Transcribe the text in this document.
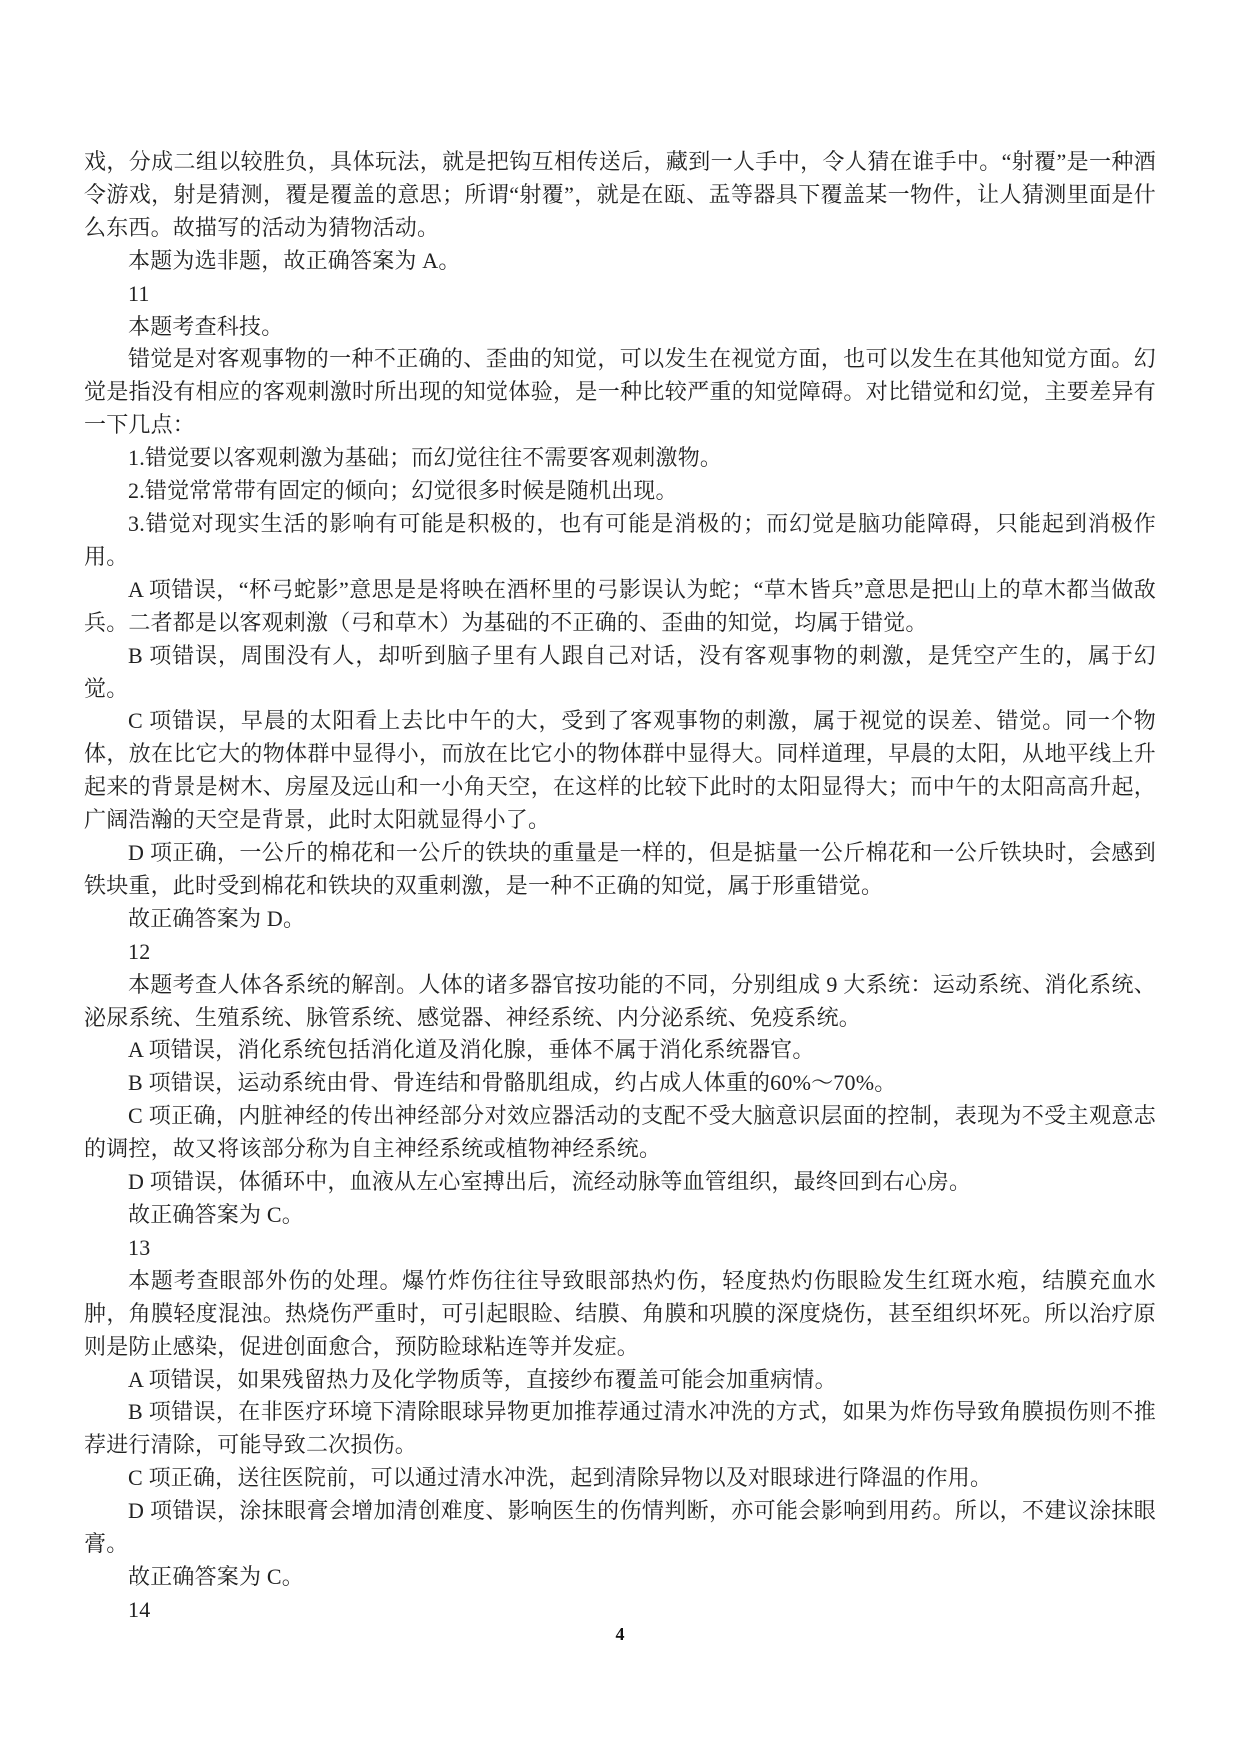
戏，分成二组以较胜负，具体玩法，就是把钩互相传送后，藏到一人手中，令人猜在谁手中。“射覆”是一种酒令游戏，射是猜测，覆是覆盖的意思；所谓“射覆”，就是在瓯、盂等器具下覆盖某一物件，让人猜测里面是什么东西。故描写的活动为猜物活动。

本题为选非题，故正确答案为 A。

11

本题考查科技。

错觉是对客观事物的一种不正确的、歪曲的知觉，可以发生在视觉方面，也可以发生在其他知觉方面。幻觉是指没有相应的客观刺激时所出现的知觉体验，是一种比较严重的知觉障碍。对比错觉和幻觉，主要差异有一下几点：

1.错觉要以客观刺激为基础；而幻觉往往不需要客观刺激物。

2.错觉常常带有固定的倾向；幻觉很多时候是随机出现。

3.错觉对现实生活的影响有可能是积极的，也有可能是消极的；而幻觉是脑功能障碍，只能起到消极作用。

A 项错误，“杯弓蛇影”意思是是将映在酒杯里的弓影误认为蛇；“草木皆兵”意思是把山上的草木都当做敌兵。二者都是以客观刺激（弓和草木）为基础的不正确的、歪曲的知觉，均属于错觉。

B 项错误，周围没有人，却听到脑子里有人跟自己对话，没有客观事物的刺激，是凭空产生的，属于幻觉。

C 项错误，早晨的太阳看上去比中午的大，受到了客观事物的刺激，属于视觉的误差、错觉。同一个物体，放在比它大的物体群中显得小，而放在比它小的物体群中显得大。同样道理，早晨的太阳，从地平线上升起来的背景是树木、房屋及远山和一小角天空，在这样的比较下此时的太阳显得大；而中午的太阳高高升起，广阔浩瀚的天空是背景，此时太阳就显得小了。

D 项正确，一公斤的棉花和一公斤的铁块的重量是一样的，但是掂量一公斤棉花和一公斤铁块时，会感到铁块重，此时受到棉花和铁块的双重刺激，是一种不正确的知觉，属于形重错觉。

故正确答案为 D。

12

本题考查人体各系统的解剖。人体的诸多器官按功能的不同，分别组成 9 大系统：运动系统、消化系统、泌尿系统、生殖系统、脉管系统、感觉器、神经系统、内分泌系统、免疫系统。

A 项错误，消化系统包括消化道及消化腺，垂体不属于消化系统器官。

B 项错误，运动系统由骨、骨连结和骨骼肌组成，约占成人体重的60%～70%。

C 项正确，内脏神经的传出神经部分对效应器活动的支配不受大脑意识层面的控制，表现为不受主观意志的调控，故又将该部分称为自主神经系统或植物神经系统。

D 项错误，体循环中，血液从左心室搏出后，流经动脉等血管组织，最终回到右心房。

故正确答案为 C。

13

本题考查眼部外伤的处理。爆竹炸伤往往导致眼部热灼伤，轻度热灼伤眼睑发生红斑水疱，结膜充血水肿，角膜轻度混浊。热烧伤严重时，可引起眼睑、结膜、角膜和巩膜的深度烧伤，甚至组织坏死。所以治疗原则是防止感染，促进创面愈合，预防睑球粘连等并发症。

A 项错误，如果残留热力及化学物质等，直接纱布覆盖可能会加重病情。

B 项错误，在非医疗环境下清除眼球异物更加推荐通过清水冲洗的方式，如果为炸伤导致角膜损伤则不推荐进行清除，可能导致二次损伤。

C 项正确，送往医院前，可以通过清水冲洗，起到清除异物以及对眼球进行降温的作用。

D 项错误，涂抹眼膏会增加清创难度、影响医生的伤情判断，亦可能会影响到用药。所以，不建议涂抹眼膏。

故正确答案为 C。

14

4
